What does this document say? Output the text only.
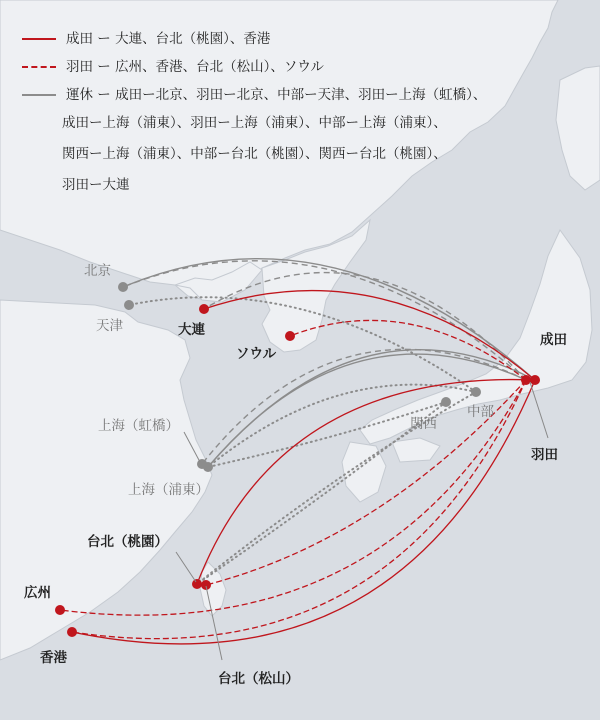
北京
天津	大連
ソウル
成田
羽田
中部
関西
上海（虹橋）
上海（浦東）
台北（桃園）
台北（松山）
広州
香港
成田 ー 大連、台北（桃園）、香港
羽田 ー 広州、香港、台北（松山）、ソウル
運休 ー 成田ー北京、羽田ー北京、中部ー天津、羽田ー上海（虹橋）、
成田ー上海（浦東）、羽田ー上海（浦東）、中部ー上海（浦東）、
関西ー上海（浦東）、中部ー台北（桃園）、関西ー台北（桃園）、
羽田ー大連
